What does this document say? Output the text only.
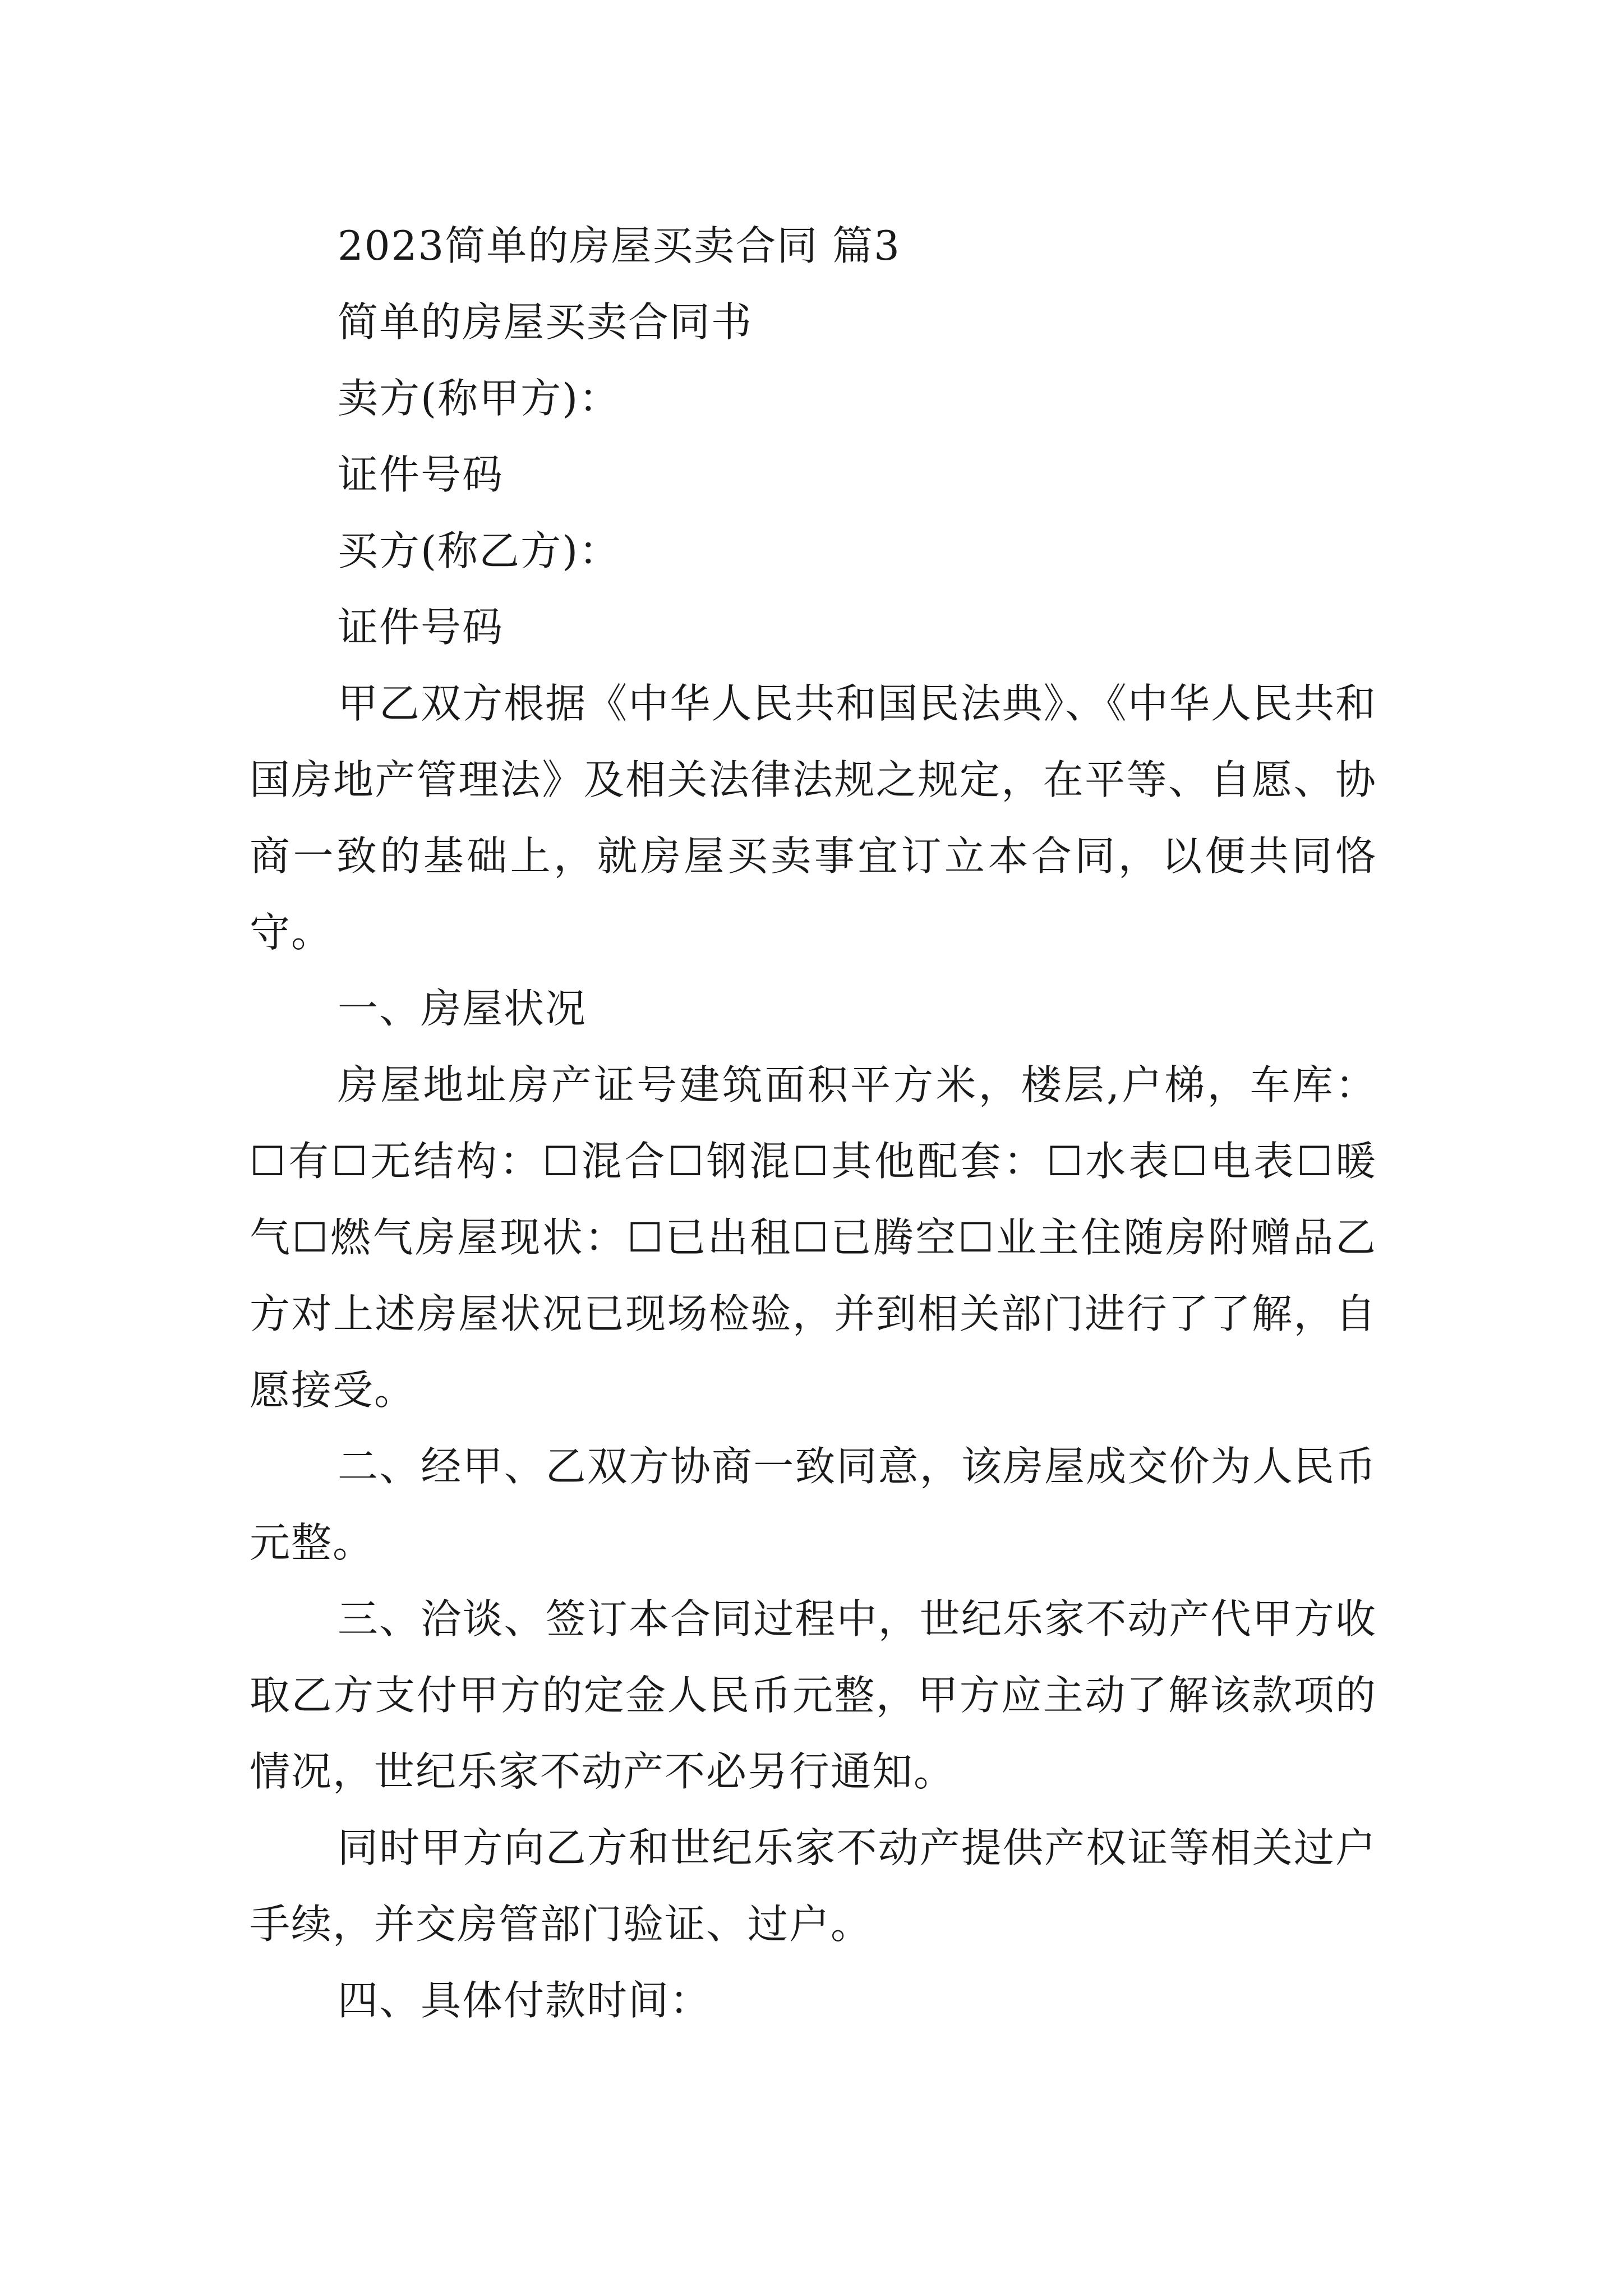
2023简单的房屋买卖合同 篇3

简单的房屋买卖合同书

卖方(称甲方)：

证件号码

买方(称乙方)：

证件号码

甲乙双方根据《中华人民共和国民法典》、《中华人民共和国房地产管理法》及相关法律法规之规定，在平等、自愿、协商一致的基础上，就房屋买卖事宜订立本合同，以便共同恪守。

一、房屋状况

房屋地址房产证号建筑面积平方米，楼层,户梯，车库：☐有☐无结构：☐混合☐钢混☐其他配套：☐水表☐电表☐暖气☐燃气房屋现状：☐已出租☐已腾空☐业主住随房附赠品乙方对上述房屋状况已现场检验，并到相关部门进行了了解，自愿接受。

二、经甲、乙双方协商一致同意，该房屋成交价为人民币元整。

三、洽谈、签订本合同过程中，世纪乐家不动产代甲方收取乙方支付甲方的定金人民币元整，甲方应主动了解该款项的情况，世纪乐家不动产不必另行通知。

同时甲方向乙方和世纪乐家不动产提供产权证等相关过户手续，并交房管部门验证、过户。

四、具体付款时间：
